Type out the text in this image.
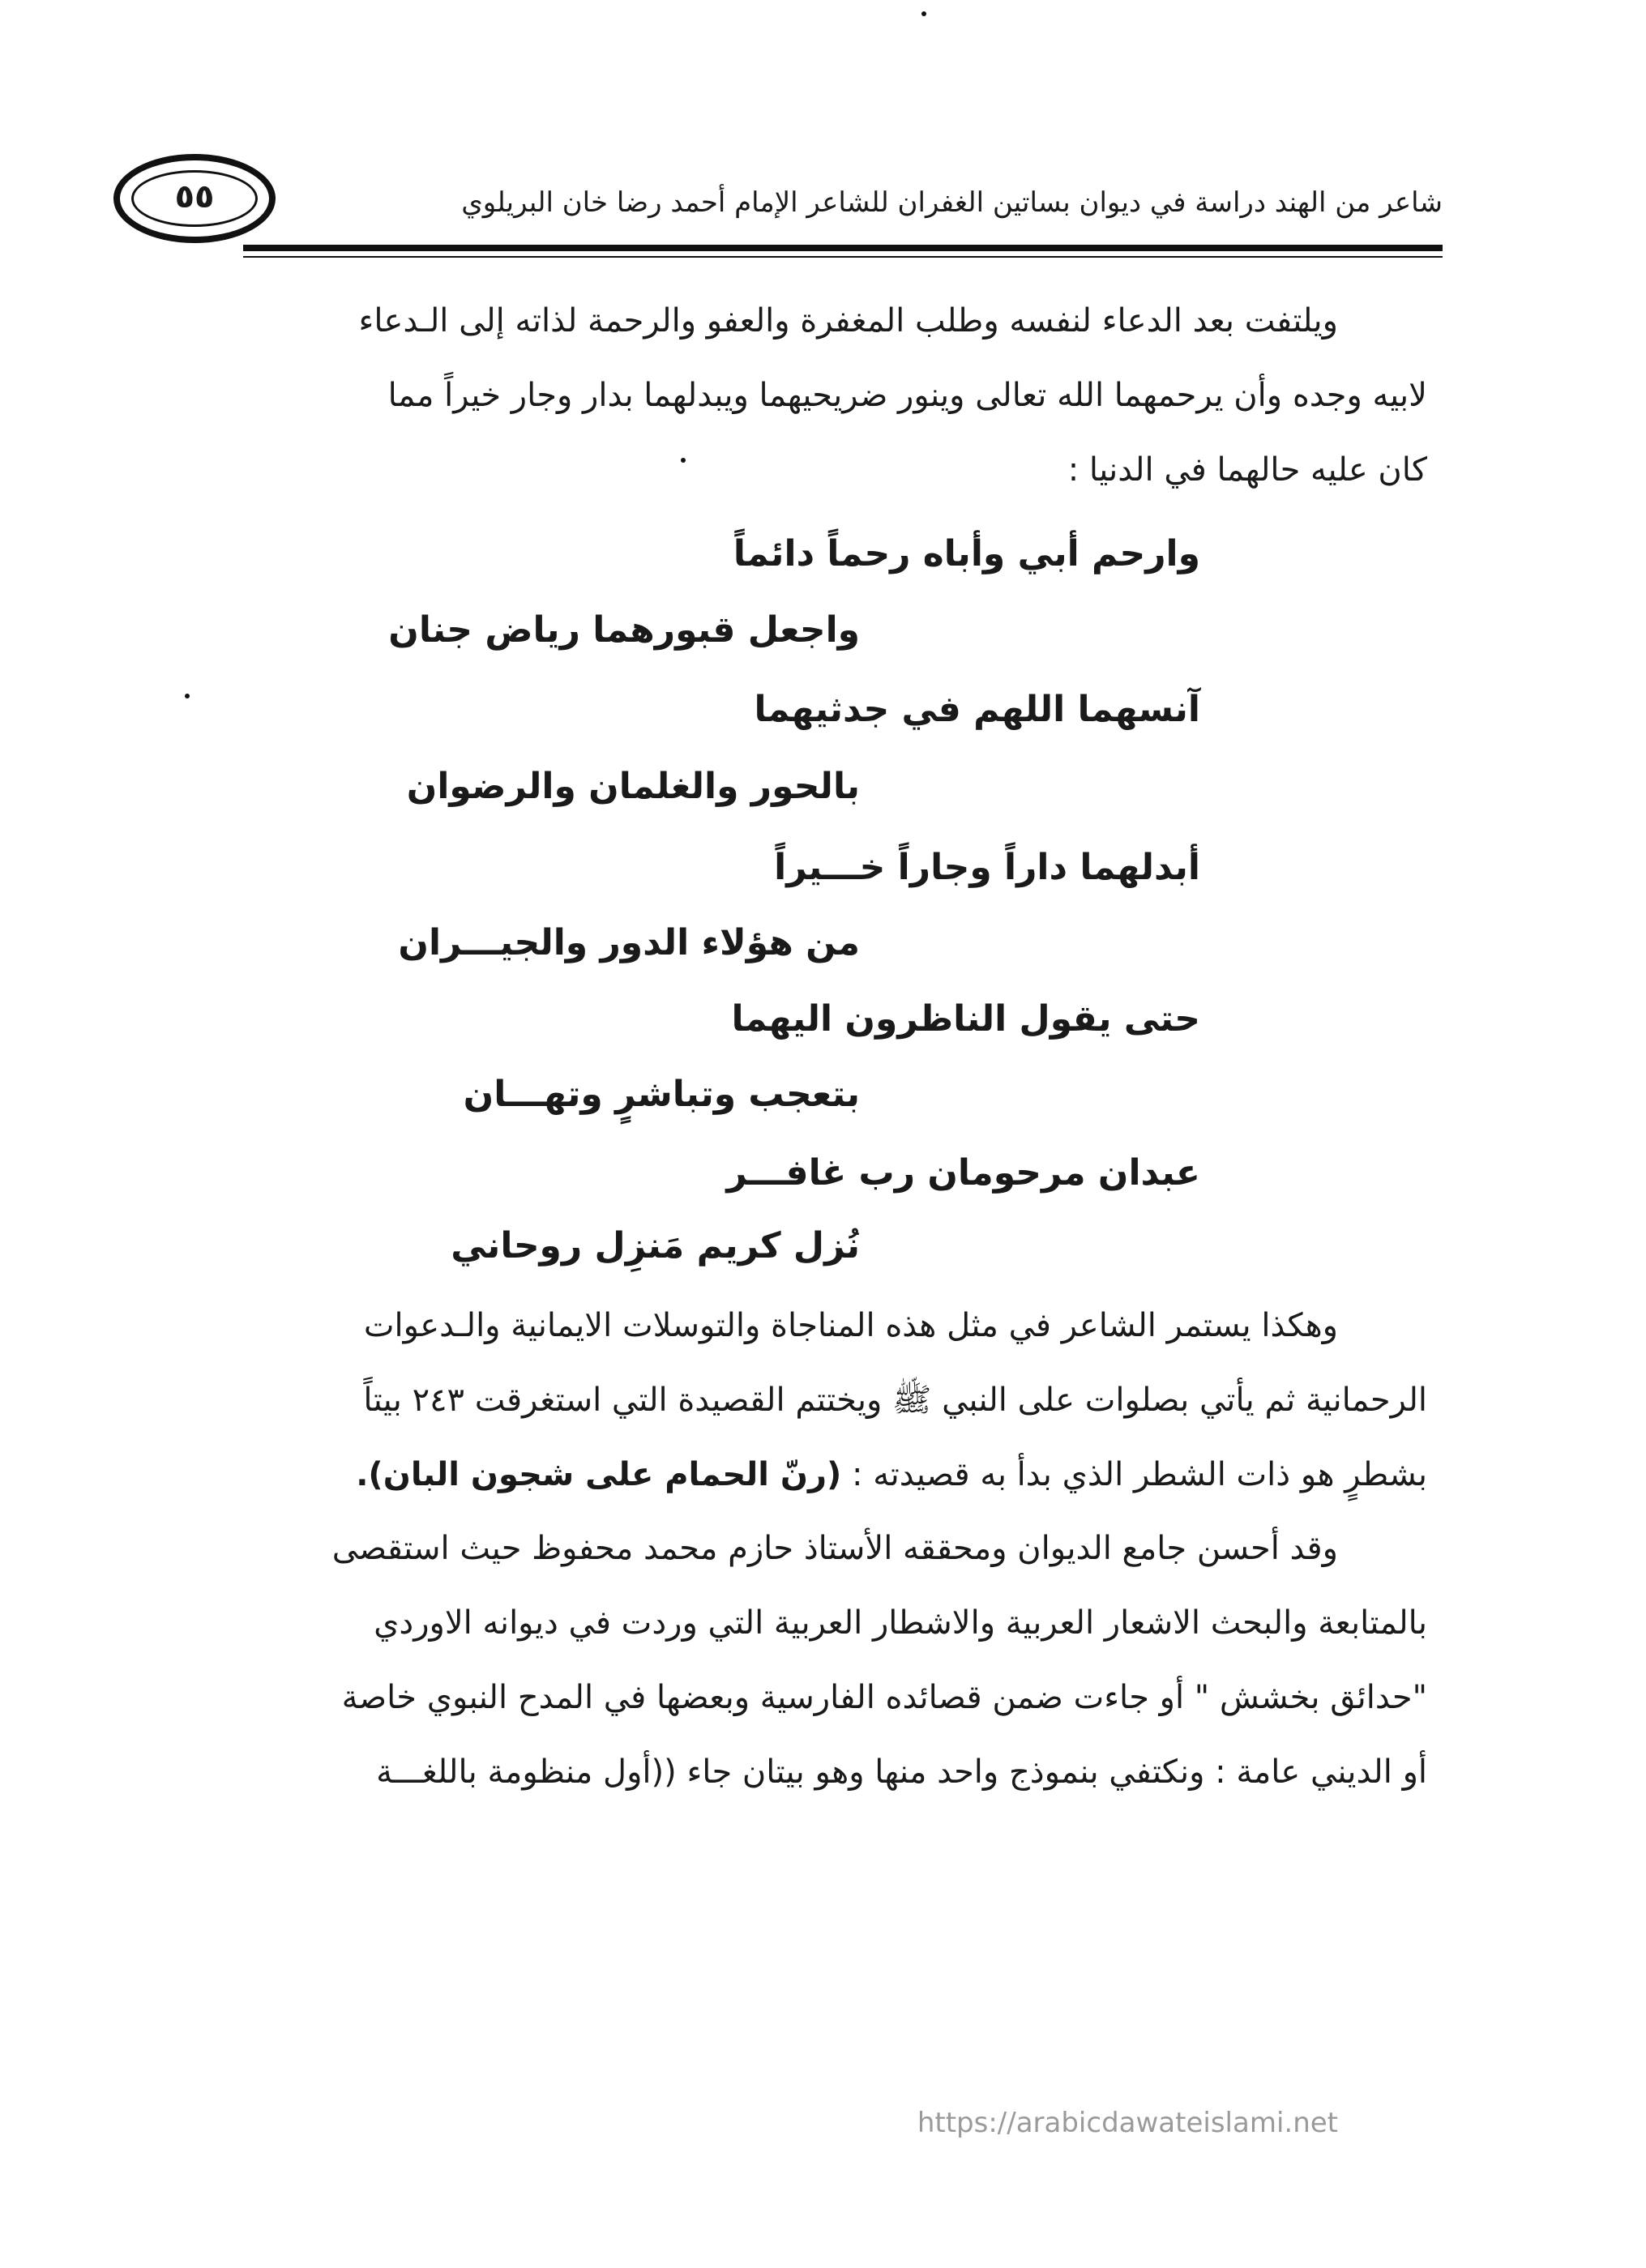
٥٥	شاعر من الهند دراسة في ديوان بساتين الغفران للشاعر الإمام أحمد رضا خان البريلوي

ويلتفت بعد الدعاء لنفسه وطلب المغفرة والعفو والرحمة لذاته إلى الـدعاء

لابيه وجده وأن يرحمهما الله تعالى وينور ضريحيهما ويبدلهما بدار وجار خيراً مما

كان عليه حالهما في الدنيا :

وارحم أبي وأباه رحماً دائماً
واجعل قبورهما رياض جنان
آنسهما اللهم في جدثيهما
بالحور والغلمان والرضوان
أبدلهما داراً وجاراً خـــيراً
من هؤلاء الدور والجيـــران
حتى يقول الناظرون اليهما
بتعجب وتباشرٍ وتهـــان
عبدان مرحومان رب غافـــر
نُزل كريم مَنزِل روحاني

وهكذا يستمر الشاعر في مثل هذه المناجاة والتوسلات الايمانية والـدعوات

الرحمانية ثم يأتي بصلوات على النبي ﷺ ويختتم القصيدة التي استغرقت ٢٤٣ بيتاً

بشطرٍ هو ذات الشطر الذي بدأ به قصيدته : (رنّ الحمام على شجون البان).

وقد أحسن جامع الديوان ومحققه الأستاذ حازم محمد محفوظ حيث استقصى

بالمتابعة والبحث الاشعار العربية والاشطار العربية التي وردت في ديوانه الاوردي

"حدائق بخشش " أو جاءت ضمن قصائده الفارسية وبعضها في المدح النبوي خاصة

أو الديني عامة : ونكتفي بنموذج واحد منها وهو بيتان جاء ((أول منظومة باللغـــة

https://arabicdawateislami.net
